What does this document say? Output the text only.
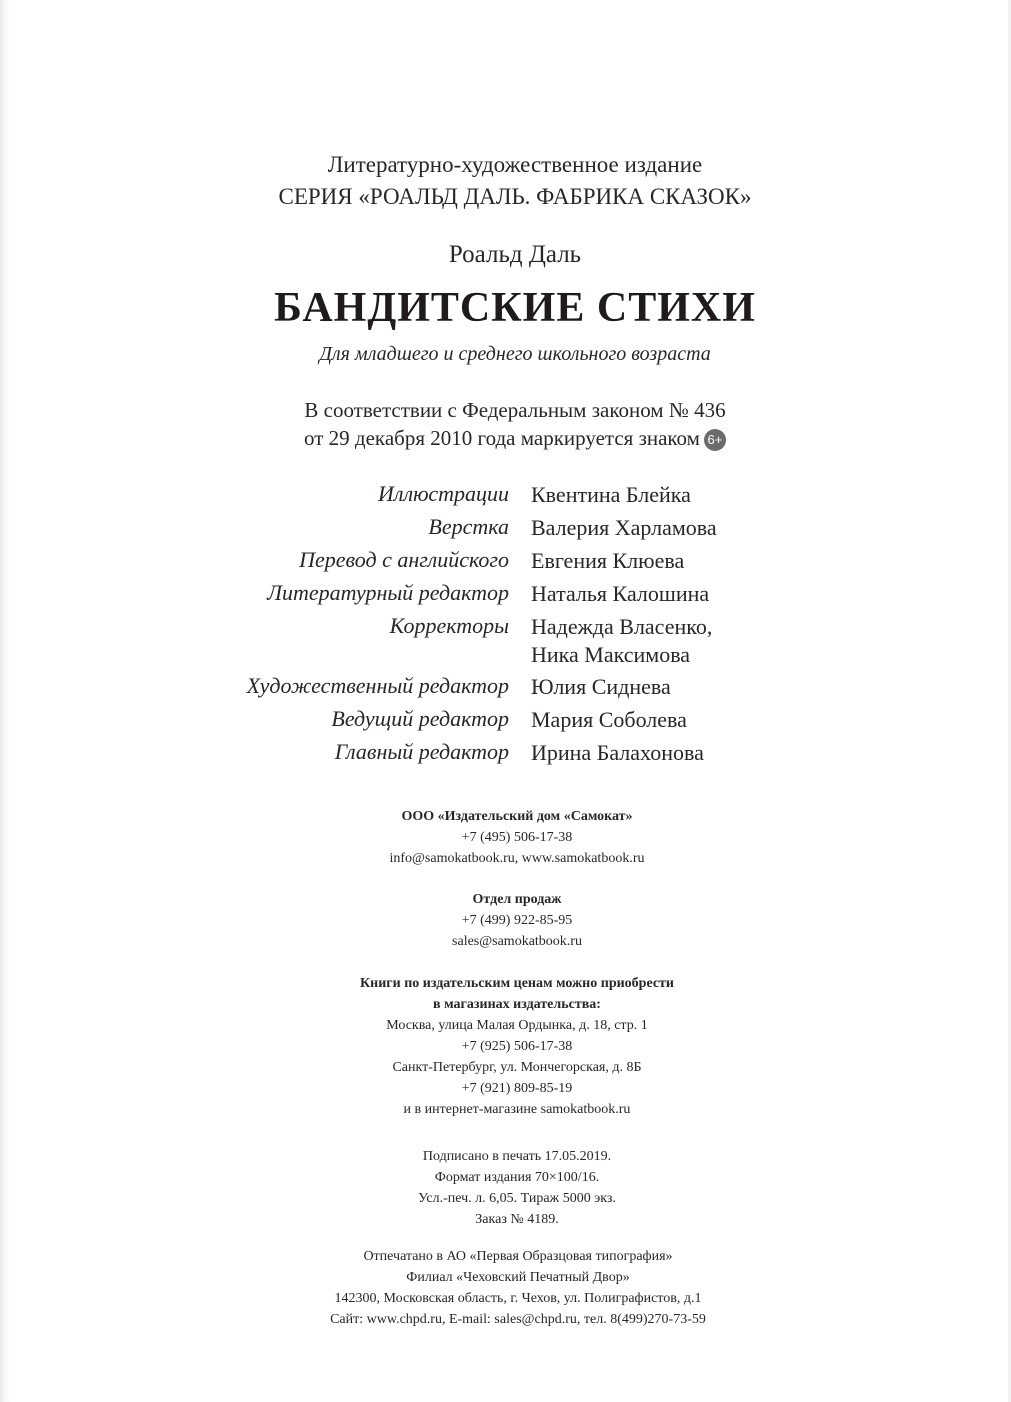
Литературно-художественное издание
СЕРИЯ «РОАЛЬД ДАЛЬ. ФАБРИКА СКАЗОК»
Роальд Даль
БАНДИТСКИЕ СТИХИ
Для младшего и среднего школьного возраста
В соответствии с Федеральным законом № 436
от 29 декабря 2010 года маркируется знаком 6+
Иллюстрации Квентина Блейка
Верстка Валерия Харламова
Перевод с английского Евгения Клюева
Литературный редактор Наталья Калошина
Корректоры Надежда Власенко,
Ника Максимова
Художественный редактор Юлия Сиднева
Ведущий редактор Мария Соболева
Главный редактор Ирина Балахонова
ООО «Издательский дом «Самокат»
+7 (495) 506-17-38
info@samokatbook.ru, www.samokatbook.ru
Отдел продаж
+7 (499) 922-85-95
sales@samokatbook.ru
Книги по издательским ценам можно приобрести
в магазинах издательства:
Москва, улица Малая Ордынка, д. 18, стр. 1
+7 (925) 506-17-38
Санкт-Петербург, ул. Мончегорская, д. 8Б
+7 (921) 809-85-19
и в интернет-магазине samokatbook.ru
Подписано в печать 17.05.2019.
Формат издания 70×100/16.
Усл.-печ. л. 6,05. Тираж 5000 экз.
Заказ № 4189.
Отпечатано в АО «Первая Образцовая типография»
Филиал «Чеховский Печатный Двор»
142300, Московская область, г. Чехов, ул. Полиграфистов, д.1
Сайт: www.chpd.ru, E-mail: sales@chpd.ru, тел. 8(499)270-73-59
